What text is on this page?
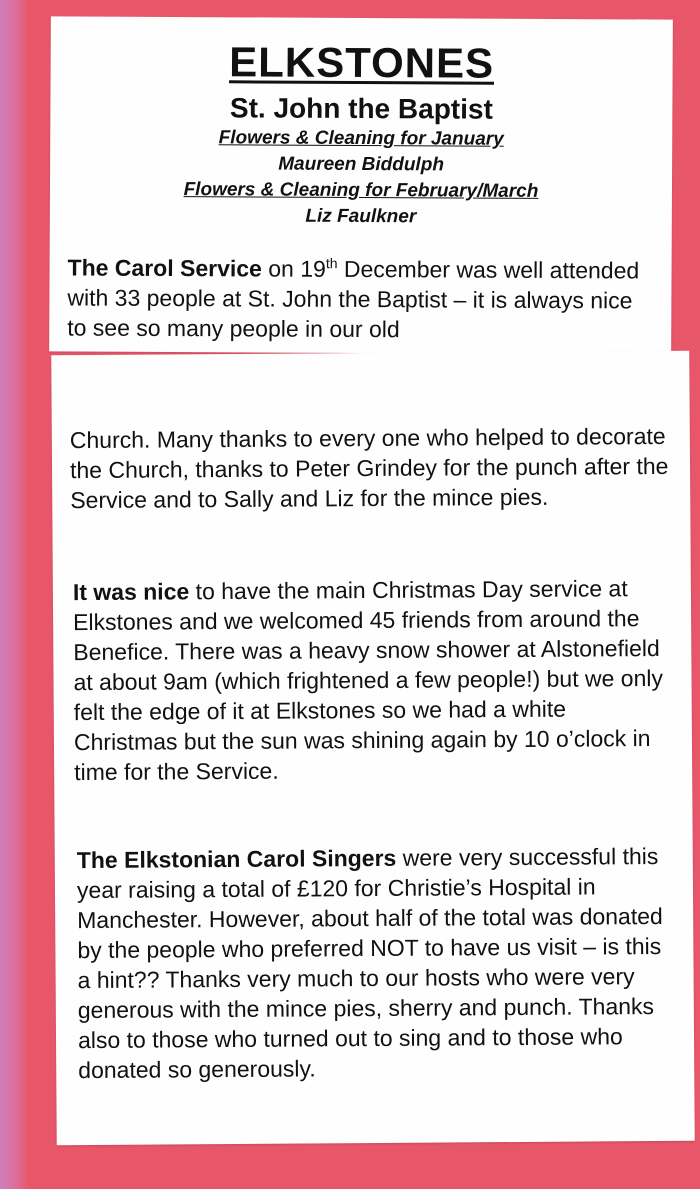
ELKSTONES
St. John the Baptist
Flowers & Cleaning for January
Maureen Biddulph
Flowers & Cleaning for February/March
Liz Faulkner

The Carol Service on 19th December was well attended with 33 people at St. John the Baptist – it is always nice to see so many people in our old

Church. Many thanks to every one who helped to decorate the Church, thanks to Peter Grindey for the punch after the Service and to Sally and Liz for the mince pies.

It was nice to have the main Christmas Day service at Elkstones and we welcomed 45 friends from around the Benefice. There was a heavy snow shower at Alstonefield at about 9am (which frightened a few people!) but we only felt the edge of it at Elkstones so we had a white Christmas but the sun was shining again by 10 o’clock in time for the Service.

The Elkstonian Carol Singers were very successful this year raising a total of £120 for Christie’s Hospital in Manchester. However, about half of the total was donated by the people who preferred NOT to have us visit – is this a hint?? Thanks very much to our hosts who were very generous with the mince pies, sherry and punch. Thanks also to those who turned out to sing and to those who donated so generously.
